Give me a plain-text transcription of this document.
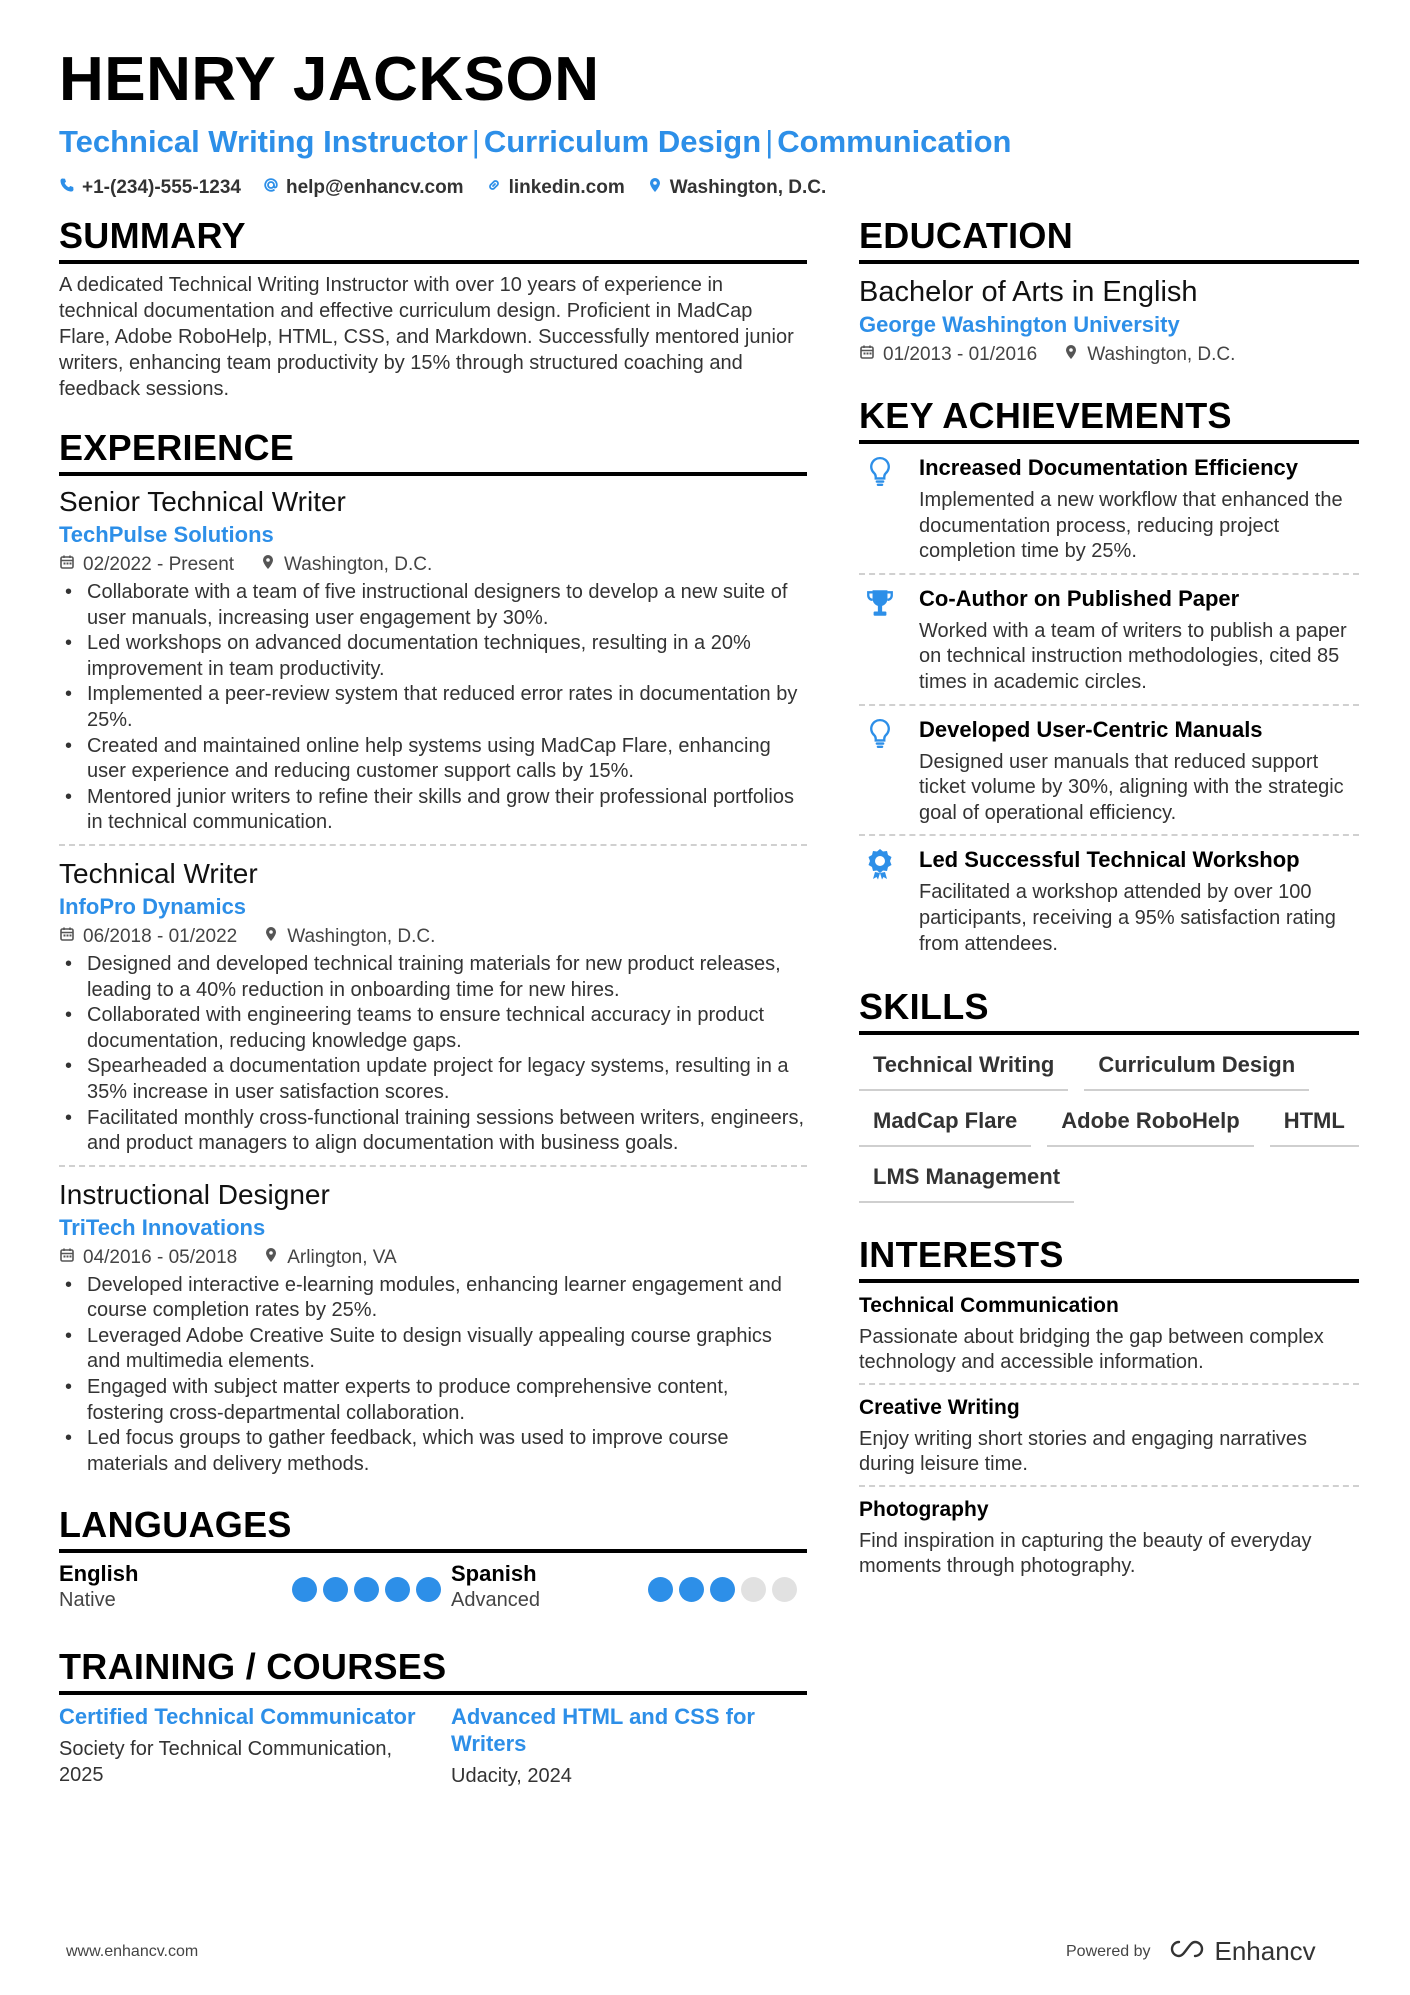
HENRY JACKSON
Technical Writing Instructor | Curriculum Design | Communication
+1-(234)-555-1234 help@enhancv.com linkedin.com Washington, D.C.
SUMMARY
A dedicated Technical Writing Instructor with over 10 years of experience in technical documentation and effective curriculum design. Proficient in MadCap Flare, Adobe RoboHelp, HTML, CSS, and Markdown. Successfully mentored junior writers, enhancing team productivity by 15% through structured coaching and feedback sessions.
EXPERIENCE
Senior Technical Writer
TechPulse Solutions
02/2022 - Present	Washington, D.C.
• Collaborate with a team of five instructional designers to develop a new suite of user manuals, increasing user engagement by 30%.
• Led workshops on advanced documentation techniques, resulting in a 20% improvement in team productivity.
• Implemented a peer-review system that reduced error rates in documentation by 25%.
• Created and maintained online help systems using MadCap Flare, enhancing user experience and reducing customer support calls by 15%.
• Mentored junior writers to refine their skills and grow their professional portfolios in technical communication.
Technical Writer
InfoPro Dynamics
06/2018 - 01/2022	Washington, D.C.
• Designed and developed technical training materials for new product releases, leading to a 40% reduction in onboarding time for new hires.
• Collaborated with engineering teams to ensure technical accuracy in product documentation, reducing knowledge gaps.
• Spearheaded a documentation update project for legacy systems, resulting in a 35% increase in user satisfaction scores.
• Facilitated monthly cross-functional training sessions between writers, engineers, and product managers to align documentation with business goals.
Instructional Designer
TriTech Innovations
04/2016 - 05/2018	Arlington, VA
• Developed interactive e-learning modules, enhancing learner engagement and course completion rates by 25%.
• Leveraged Adobe Creative Suite to design visually appealing course graphics and multimedia elements.
• Engaged with subject matter experts to produce comprehensive content, fostering cross-departmental collaboration.
• Led focus groups to gather feedback, which was used to improve course materials and delivery methods.
LANGUAGES
English
Native
Spanish
Advanced
TRAINING / COURSES
Certified Technical Communicator
Society for Technical Communication, 2025
Advanced HTML and CSS for Writers
Udacity, 2024
EDUCATION
Bachelor of Arts in English
George Washington University
01/2013 - 01/2016	Washington, D.C.
KEY ACHIEVEMENTS
Increased Documentation Efficiency
Implemented a new workflow that enhanced the documentation process, reducing project completion time by 25%.
Co-Author on Published Paper
Worked with a team of writers to publish a paper on technical instruction methodologies, cited 85 times in academic circles.
Developed User-Centric Manuals
Designed user manuals that reduced support ticket volume by 30%, aligning with the strategic goal of operational efficiency.
Led Successful Technical Workshop
Facilitated a workshop attended by over 100 participants, receiving a 95% satisfaction rating from attendees.
SKILLS
Technical Writing	Curriculum Design
MadCap Flare	Adobe RoboHelp	HTML
LMS Management
INTERESTS
Technical Communication
Passionate about bridging the gap between complex technology and accessible information.
Creative Writing
Enjoy writing short stories and engaging narratives during leisure time.
Photography
Find inspiration in capturing the beauty of everyday moments through photography.
www.enhancv.com	Powered by Enhancv
